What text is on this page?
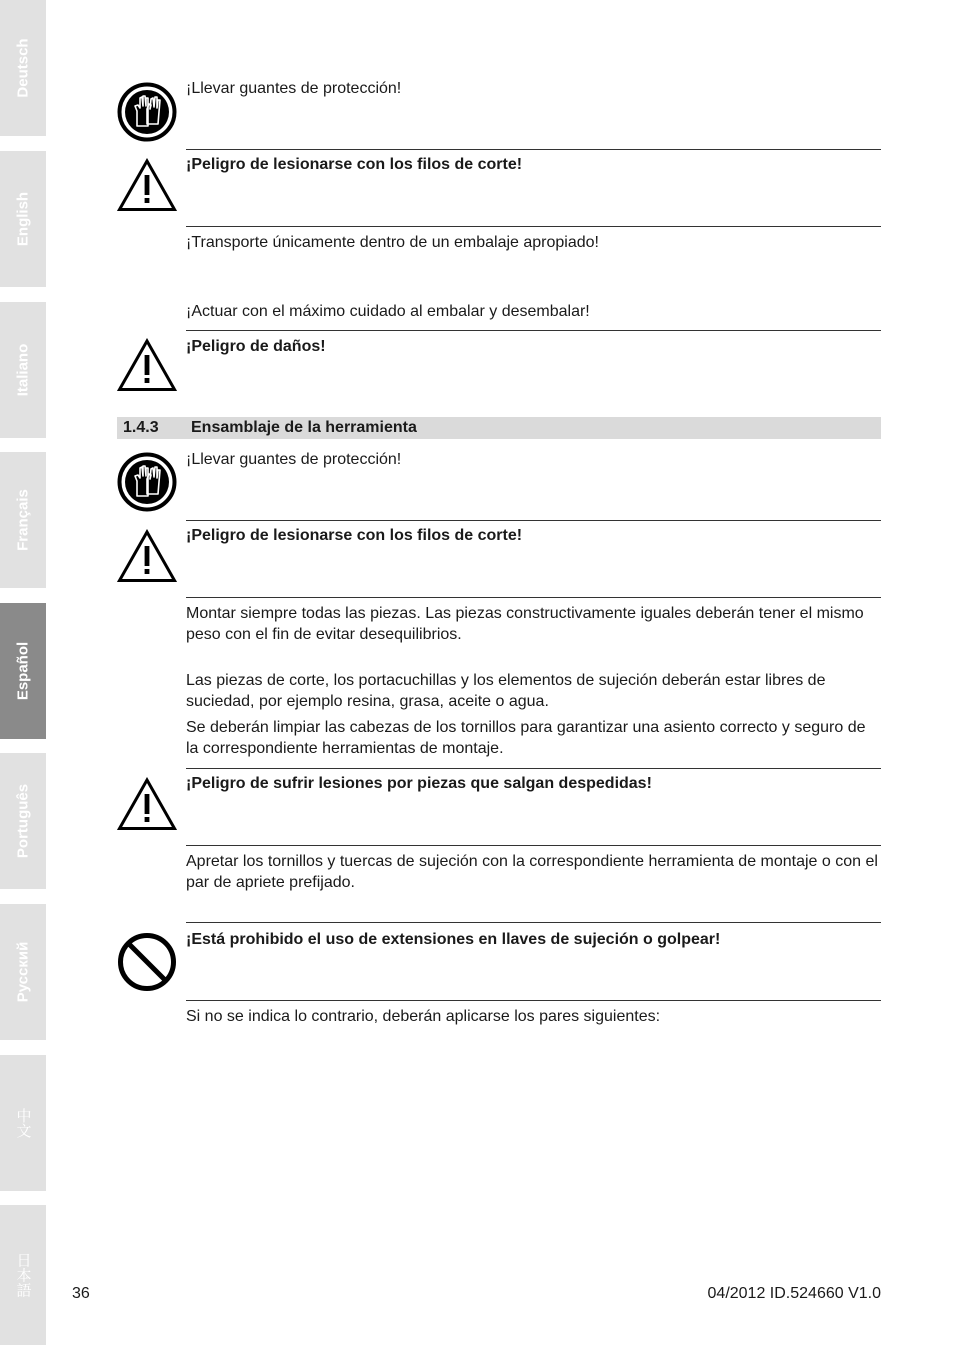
Deutsch
English
Italiano
Français
Español
Português
Русский
中文
日本語
¡Llevar guantes de protección!
¡Peligro de lesionarse con los filos de corte!
¡Transporte únicamente dentro de un embalaje apropiado!
¡Actuar con el máximo cuidado al embalar y desembalar!
¡Peligro de daños!
1.4.3 Ensamblaje de la herramienta
¡Llevar guantes de protección!
¡Peligro de lesionarse con los filos de corte!
Montar siempre todas las piezas. Las piezas constructivamente iguales deberán tener el mismo peso con el fin de evitar desequilibrios.
Las piezas de corte, los portacuchillas y los elementos de sujeción deberán estar libres de suciedad, por ejemplo resina, grasa, aceite o agua.
Se deberán limpiar las cabezas de los tornillos para garantizar una asiento correcto y seguro de la correspondiente herramientas de montaje.
¡Peligro de sufrir lesiones por piezas que salgan despedidas!
Apretar los tornillos y tuercas de sujeción con la correspondiente herramienta de montaje o con el par de apriete prefijado.
¡Está prohibido el uso de extensiones en llaves de sujeción o golpear!
Si no se indica lo contrario, deberán aplicarse los pares siguientes:
36	04/2012 ID.524660 V1.0
